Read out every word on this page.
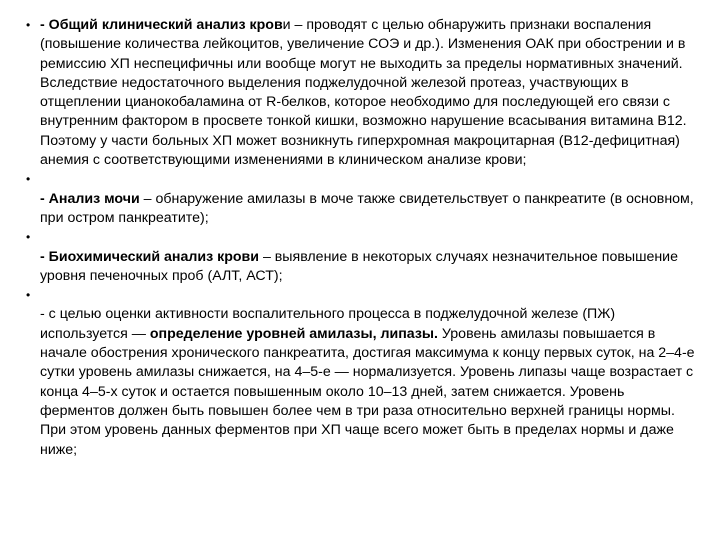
• - Общий клинический анализ крови – проводят с целью обнаружить признаки воспаления (повышение количества лейкоцитов, увеличение СОЭ и др.). Изменения ОАК при обострении и в ремиссию ХП неспецифичны или вообще могут не выходить за пределы нормативных значений. Вследствие недостаточного выделения поджелудочной железой протеаз, участвующих в отщеплении цианокобаламина от R-белков, которое необходимо для последующей его связи с внутренним фактором в просвете тонкой кишки, возможно нарушение всасывания витамина В12. Поэтому у части больных ХП может возникнуть гиперхромная макроцитарная (В12-дефицитная) анемия с соответствующими изменениями в клиническом анализе крови;
•
- Анализ мочи – обнаружение амилазы в моче также свидетельствует о панкреатите (в основном, при остром панкреатите);
•
- Биохимический анализ крови – выявление в некоторых случаях незначительное повышение уровня печеночных проб (АЛТ, АСТ);
•
- с целью оценки активности воспалительного процесса в поджелудочной железе (ПЖ) используется — определение уровней амилазы, липазы. Уровень амилазы повышается в начале обострения хронического панкреатита, достигая максимума к концу первых суток, на 2–4-е сутки уровень амилазы снижается, на 4–5-е — нормализуется. Уровень липазы чаще возрастает с конца 4–5-х суток и остается повышенным около 10–13 дней, затем снижается. Уровень ферментов должен быть повышен более чем в три раза относительно верхней границы нормы. При этом уровень данных ферментов при ХП чаще всего может быть в пределах нормы и даже ниже;
